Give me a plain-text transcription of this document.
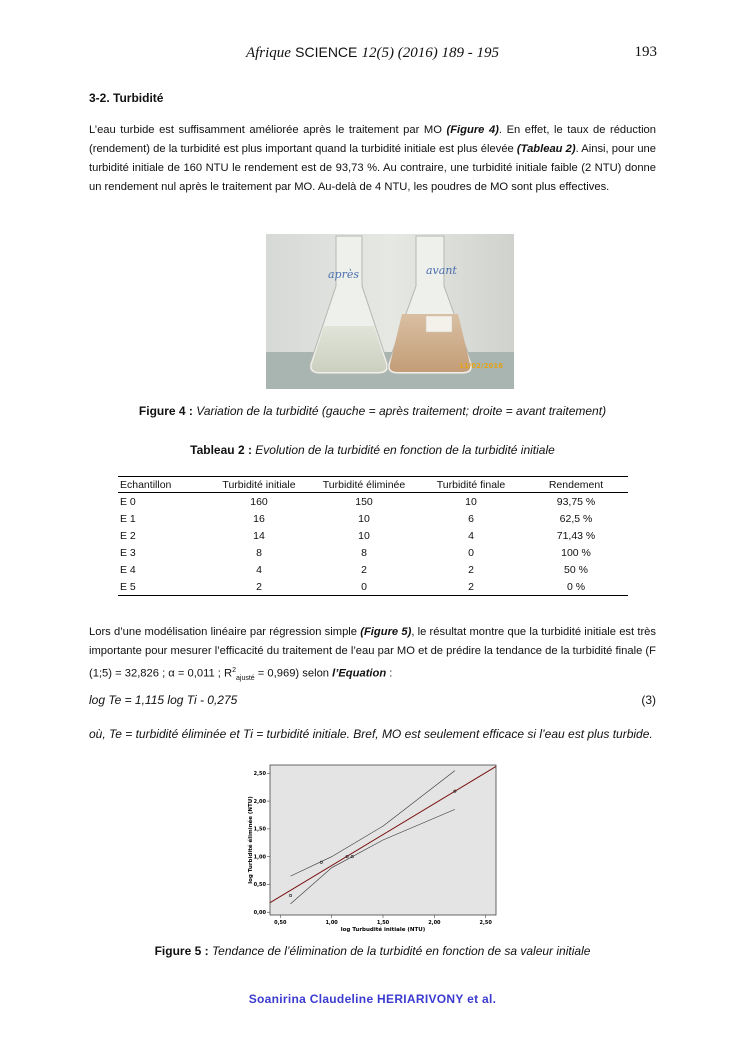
Afrique SCIENCE 12(5) (2016) 189 - 195	193
3-2. Turbidité
L’eau turbide est suffisamment améliorée après le traitement par MO (Figure 4). En effet, le taux de réduction (rendement) de la turbidité est plus important quand la turbidité initiale est plus élevée (Tableau 2). Ainsi, pour une turbidité initiale de 160 NTU le rendement est de 93,73 %. Au contraire, une turbidité initiale faible (2 NTU) donne un rendement nul après le traitement par MO. Au-delà de 4 NTU, les poudres de MO sont plus effectives.
après	avant
11/02/2016
Figure 4 : Variation de la turbidité (gauche = après traitement; droite = avant traitement)
Tableau 2 : Evolution de la turbidité en fonction de la turbidité initiale
Echantillon	Turbidité initiale	Turbidité éliminée	Turbidité finale	Rendement
E 0	160	150	10	93,75 %
E 1	16	10	6	62,5 %
E 2	14	10	4	71,43 %
E 3	8	8	0	100 %
E 4	4	2	2	50 %
E 5	2	0	2	0 %
Lors d’une modélisation linéaire par régression simple (Figure 5), le résultat montre que la turbidité initiale est très importante pour mesurer l’efficacité du traitement de l’eau par MO et de prédire la tendance de la turbidité finale (F (1;5) = 32,826 ; α = 0,011 ; $R^2_{ajusté} = 0,969$) selon l’Equation :
log Te = 1,115 log Ti - 0,275	(3)
où, Te = turbidité éliminée et Ti = turbidité initiale. Bref, MO est seulement efficace si l’eau est plus turbide.
0,50	1,00	1,50	2,00	2,50
0,00
0,50
1,00
1,50
2,00
2,50
log Turbudité initiale (NTU)
log Turbidité éliminée (NTU)
Figure 5 : Tendance de l’élimination de la turbidité en fonction de sa valeur initiale
Soanirina Claudeline HERIARIVONY et al.
